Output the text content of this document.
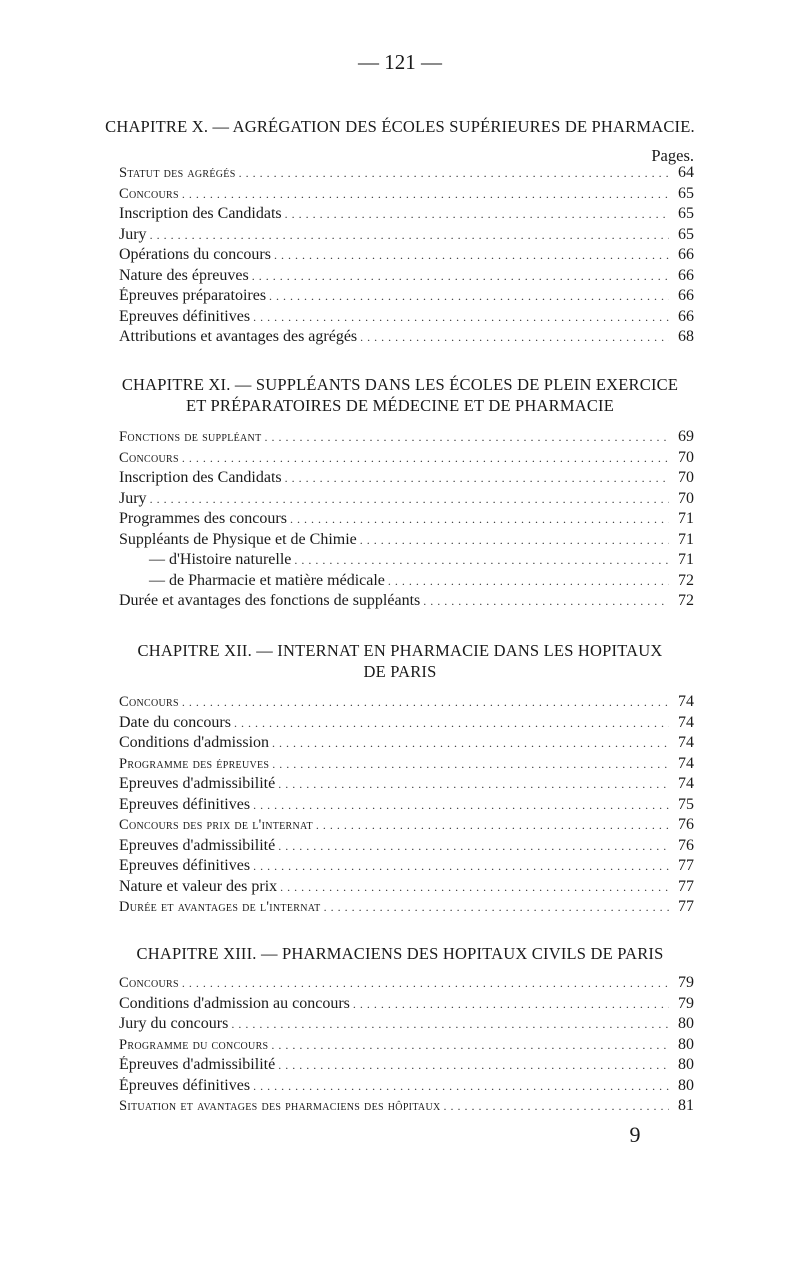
— 121 —
CHAPITRE X. — AGRÉGATION DES ÉCOLES SUPÉRIEURES DE PHARMACIE.
Pages.
Statut des agrégés . . .	64
Concours . . .	65
Inscription des Candidats . . .	65
Jury . . .	65
Opérations du concours . . .	66
Nature des épreuves . . .	66
Épreuves préparatoires . . .	66
Epreuves définitives . . .	66
Attributions et avantages des agrégés . . .	68
CHAPITRE XI. — SUPPLÉANTS DANS LES ÉCOLES DE PLEIN EXERCICE
ET PRÉPARATOIRES DE MÉDECINE ET DE PHARMACIE
Fonctions de suppléant . . .	69
Concours . . .	70
Inscription des Candidats . . .	70
Jury . . .	70
Programmes des concours . . .	71
Suppléants de Physique et de Chimie . . .	71
— d'Histoire naturelle . . .	71
— de Pharmacie et matière médicale . . .	72
Durée et avantages des fonctions de suppléants . . .	72
CHAPITRE XII. — INTERNAT EN PHARMACIE DANS LES HOPITAUX
DE PARIS
Concours . . .	74
Date du concours . . .	74
Conditions d'admission . . .	74
Programme des épreuves . . .	74
Epreuves d'admissibilité . . .	74
Epreuves définitives . . .	75
Concours des prix de l'internat . . .	76
Epreuves d'admissibilité . . .	76
Epreuves définitives . . .	77
Nature et valeur des prix . . .	77
Durée et avantages de l'internat . . .	77
CHAPITRE XIII. — PHARMACIENS DES HOPITAUX CIVILS DE PARIS
Concours . . .	79
Conditions d'admission au concours . . .	79
Jury du concours . . .	80
Programme du concours . . .	80
Épreuves d'admissibilité . . .	80
Épreuves définitives . . .	80
Situation et avantages des pharmaciens des hôpitaux . . .	81
9
